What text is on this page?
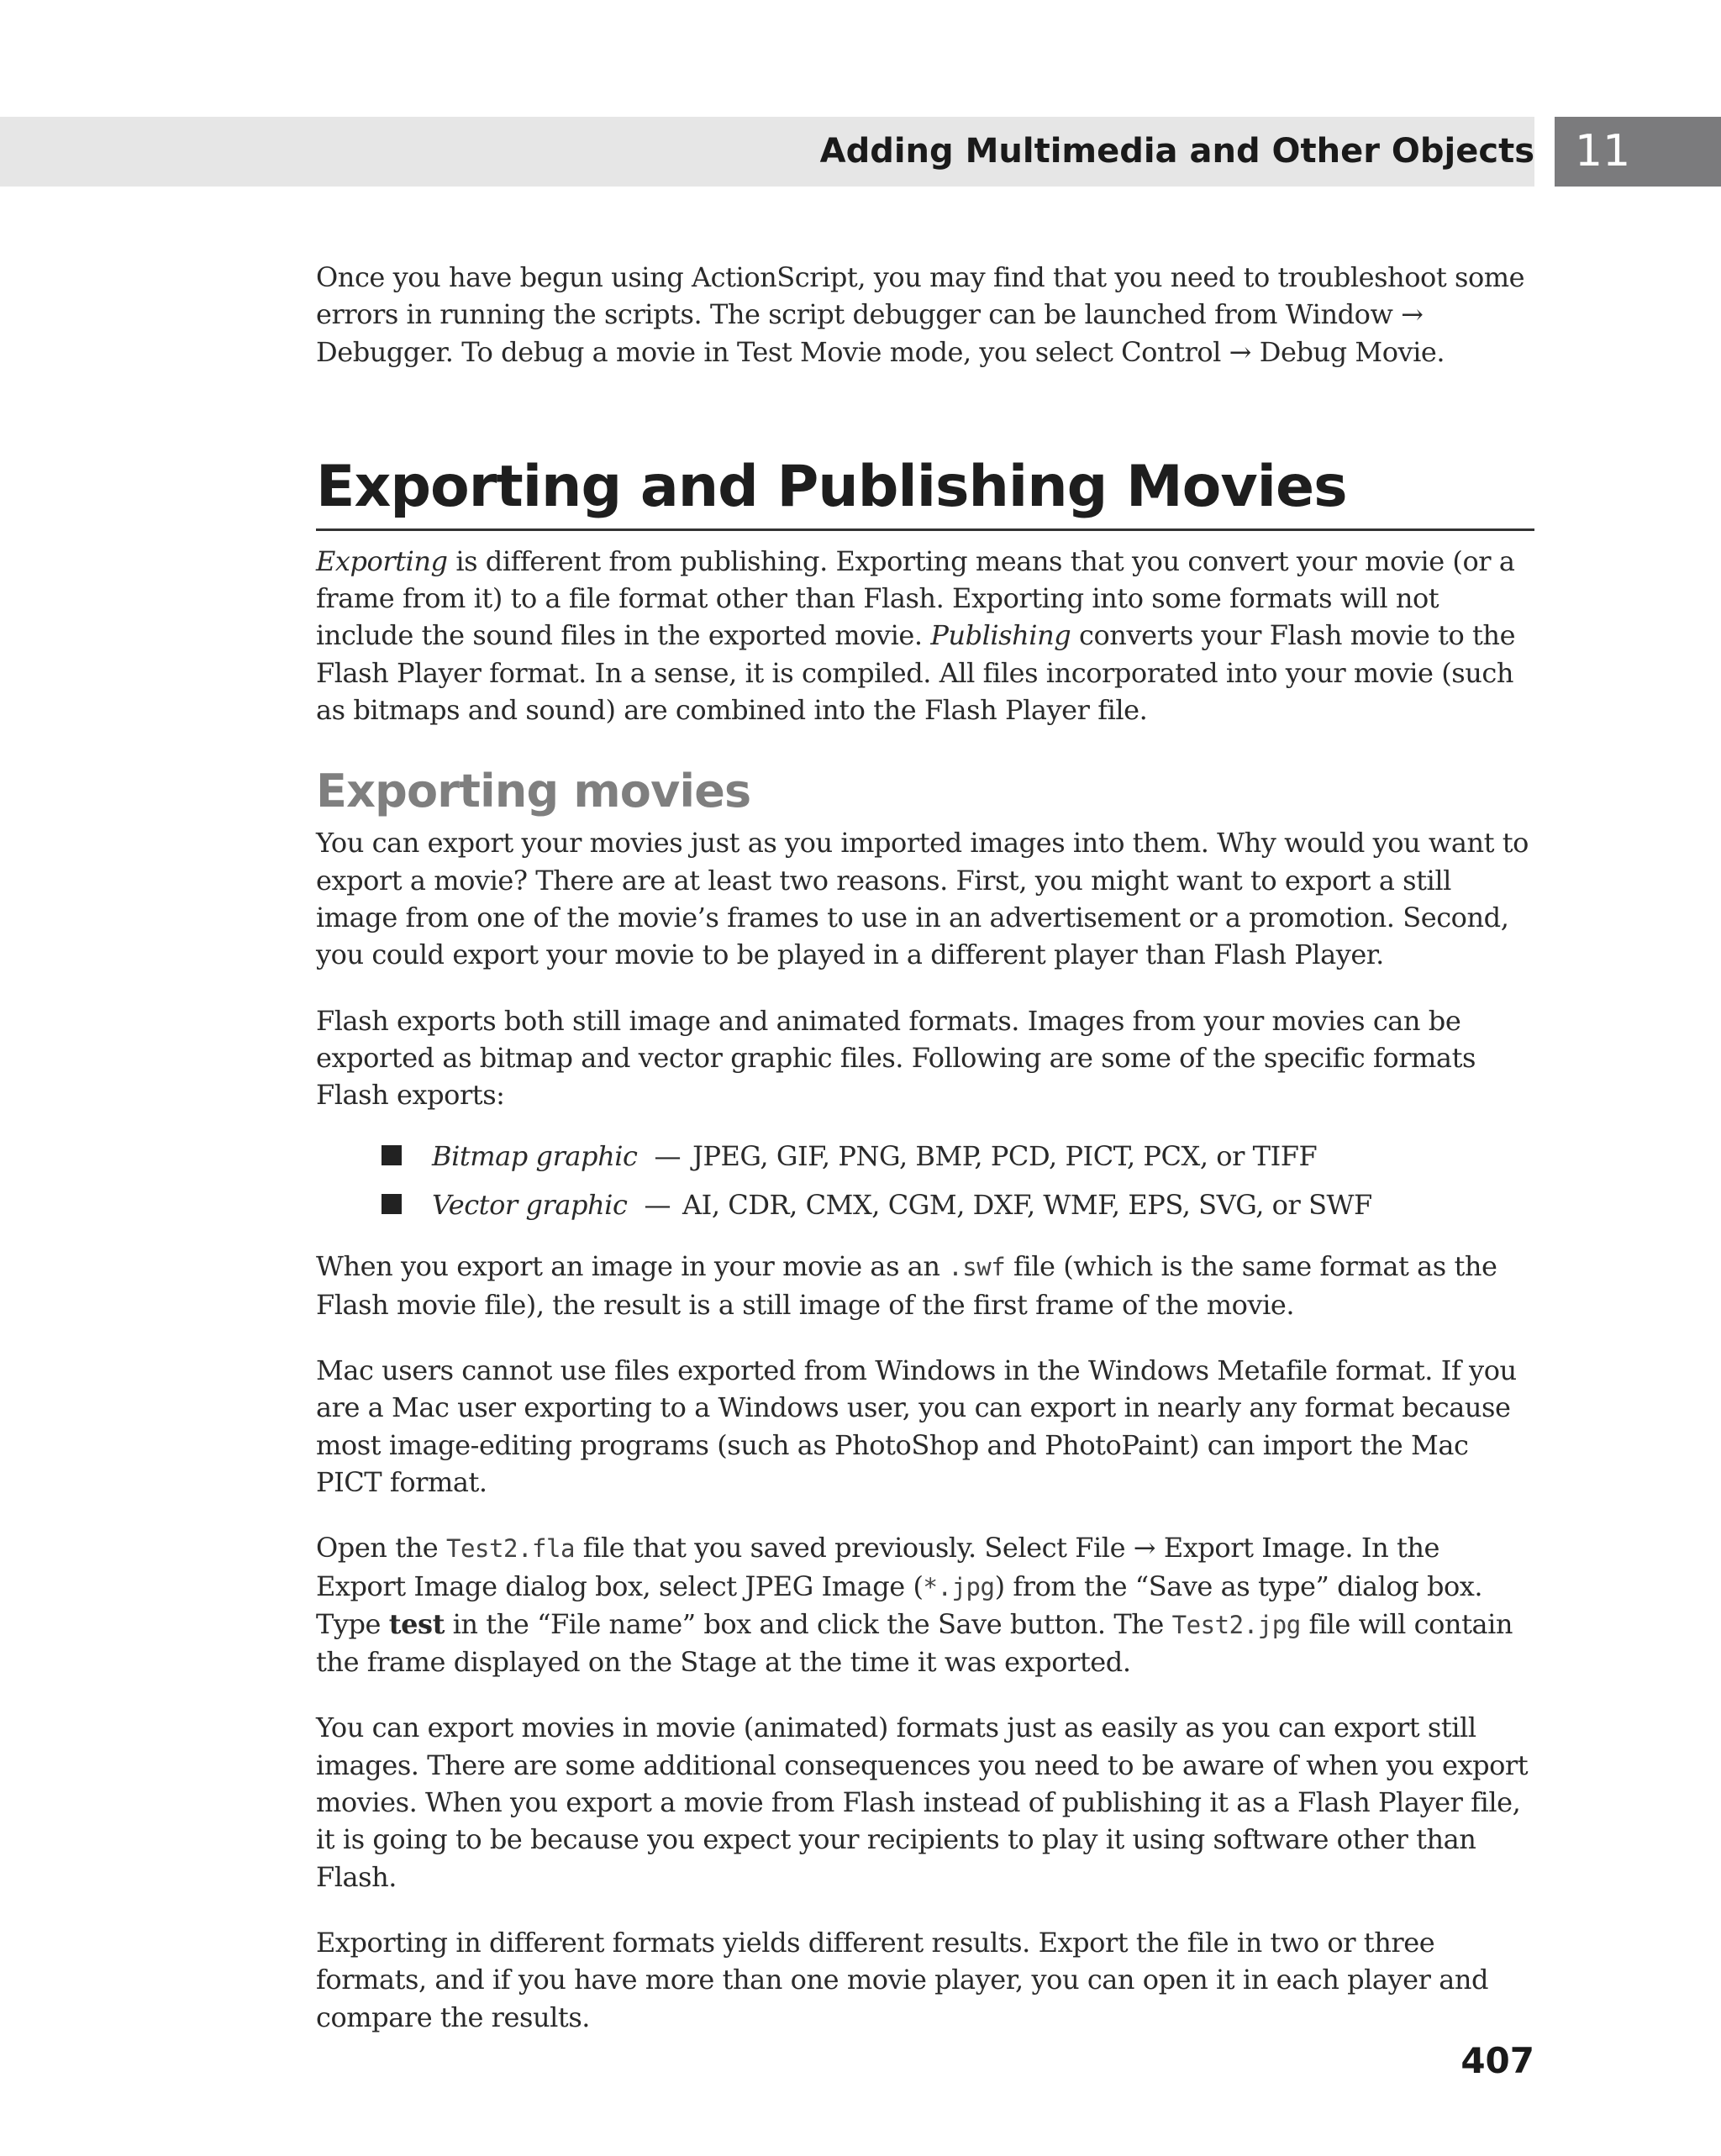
Adding Multimedia and Other Objects 11

Once you have begun using ActionScript, you may find that you need to troubleshoot some errors in running the scripts. The script debugger can be launched from Window → Debugger. To debug a movie in Test Movie mode, you select Control → Debug Movie.

Exporting and Publishing Movies

Exporting is different from publishing. Exporting means that you convert your movie (or a frame from it) to a file format other than Flash. Exporting into some formats will not include the sound files in the exported movie. Publishing converts your Flash movie to the Flash Player format. In a sense, it is compiled. All files incorporated into your movie (such as bitmaps and sound) are combined into the Flash Player file.

Exporting movies

You can export your movies just as you imported images into them. Why would you want to export a movie? There are at least two reasons. First, you might want to export a still image from one of the movie’s frames to use in an advertisement or a promotion. Second, you could export your movie to be played in a different player than Flash Player.

Flash exports both still image and animated formats. Images from your movies can be exported as bitmap and vector graphic files. Following are some of the specific formats Flash exports:

Bitmap graphic — JPEG, GIF, PNG, BMP, PCD, PICT, PCX, or TIFF
Vector graphic — AI, CDR, CMX, CGM, DXF, WMF, EPS, SVG, or SWF

When you export an image in your movie as an .swf file (which is the same format as the Flash movie file), the result is a still image of the first frame of the movie.

Mac users cannot use files exported from Windows in the Windows Metafile format. If you are a Mac user exporting to a Windows user, you can export in nearly any format because most image-editing programs (such as PhotoShop and PhotoPaint) can import the Mac PICT format.

Open the Test2.fla file that you saved previously. Select File → Export Image. In the Export Image dialog box, select JPEG Image (*.jpg) from the “Save as type” dialog box. Type test in the “File name” box and click the Save button. The Test2.jpg file will contain the frame displayed on the Stage at the time it was exported.

You can export movies in movie (animated) formats just as easily as you can export still images. There are some additional consequences you need to be aware of when you export movies. When you export a movie from Flash instead of publishing it as a Flash Player file, it is going to be because you expect your recipients to play it using software other than Flash.

Exporting in different formats yields different results. Export the file in two or three formats, and if you have more than one movie player, you can open it in each player and compare the results.

407
